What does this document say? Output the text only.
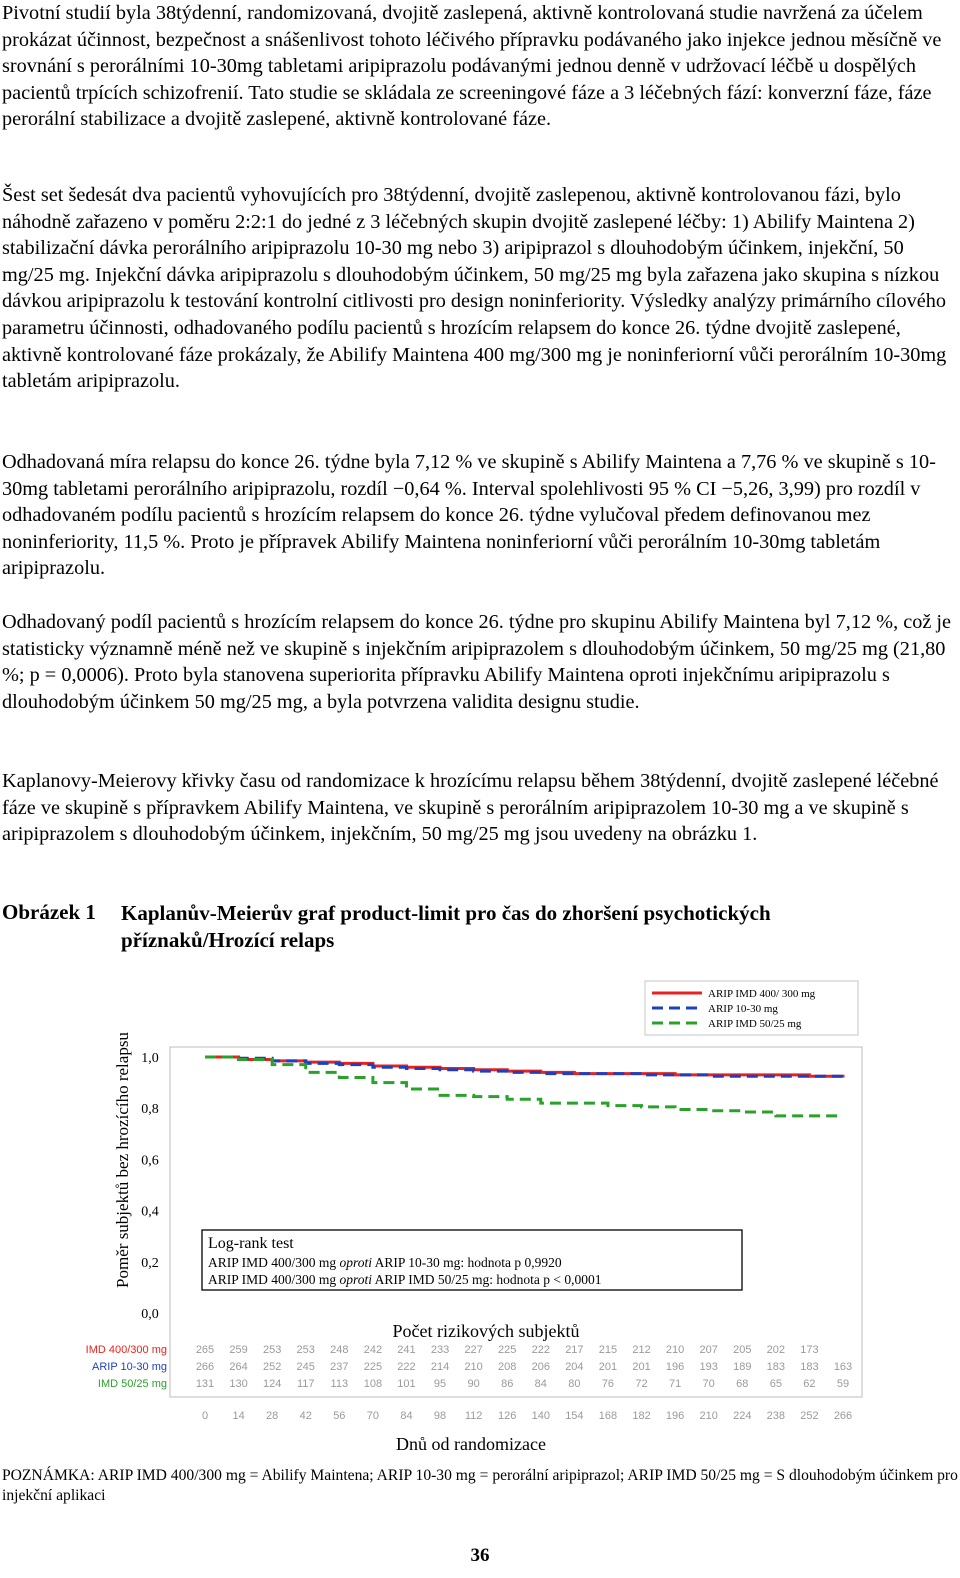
Pivotní studií byla 38týdenní, randomizovaná, dvojitě zaslepená, aktivně kontrolovaná studie navržená za účelem prokázat účinnost, bezpečnost a snášenlivost tohoto léčivého přípravku podávaného jako injekce jednou měsíčně ve srovnání s perorálními 10-30mg tabletami aripiprazolu podávanými jednou denně v udržovací léčbě u dospělých pacientů trpících schizofrenií. Tato studie se skládala ze screeningové fáze a 3 léčebných fází: konverzní fáze, fáze perorální stabilizace a dvojitě zaslepené, aktivně kontrolované fáze.
Šest set šedesát dva pacientů vyhovujících pro 38týdenní, dvojitě zaslepenou, aktivně kontrolovanou fázi, bylo náhodně zařazeno v poměru 2:2:1 do jedné z 3 léčebných skupin dvojitě zaslepené léčby: 1) Abilify Maintena 2) stabilizační dávka perorálního aripiprazolu 10-30 mg nebo 3) aripiprazol s dlouhodobým účinkem, injekční, 50 mg/25 mg. Injekční dávka aripiprazolu s dlouhodobým účinkem, 50 mg/25 mg byla zařazena jako skupina s nízkou dávkou aripiprazolu k testování kontrolní citlivosti pro design noninferiority. Výsledky analýzy primárního cílového parametru účinnosti, odhadovaného podílu pacientů s hrozícím relapsem do konce 26. týdne dvojitě zaslepené, aktivně kontrolované fáze prokázaly, že Abilify Maintena 400 mg/300 mg je noninferiorní vůči perorálním 10-30mg tabletám aripiprazolu.
Odhadovaná míra relapsu do konce 26. týdne byla 7,12 % ve skupině s Abilify Maintena a 7,76 % ve skupině s 10-30mg tabletami perorálního aripiprazolu, rozdíl −0,64 %. Interval spolehlivosti 95 % CI −5,26, 3,99) pro rozdíl v odhadovaném podílu pacientů s hrozícím relapsem do konce 26. týdne vylučoval předem definovanou mez noninferiority, 11,5 %. Proto je přípravek Abilify Maintena noninferiorní vůči perorálním 10-30mg tabletám aripiprazolu.
Odhadovaný podíl pacientů s hrozícím relapsem do konce 26. týdne pro skupinu Abilify Maintena byl 7,12 %, což je statisticky významně méně než ve skupině s injekčním aripiprazolem s dlouhodobým účinkem, 50 mg/25 mg (21,80 %; p = 0,0006). Proto byla stanovena superiorita přípravku Abilify Maintena oproti injekčnímu aripiprazolu s dlouhodobým účinkem 50 mg/25 mg, a byla potvrzena validita designu studie.
Kaplanovy-Meierovy křivky času od randomizace k hrozícímu relapsu během 38týdenní, dvojitě zaslepené léčebné fáze ve skupině s přípravkem Abilify Maintena, ve skupině s perorálním aripiprazolem 10-30 mg a ve skupině s aripiprazolem s dlouhodobým účinkem, injekčním, 50 mg/25 mg jsou uvedeny na obrázku 1.
Obrázek 1 Kaplanův-Meierův graf product-limit pro čas do zhoršení psychotických příznaků/Hrozící relaps
ARIP IMD 400/ 300 mg
ARIP 10-30 mg
ARIP IMD 50/25 mg
Poměr subjektů bez hrozícího relapsu
0,0
0,2
0,4
0,6
0,8
1,0
Log-rank test
ARIP IMD 400/300 mg oproti ARIP 10-30 mg: hodnota p 0,9920
ARIP IMD 400/300 mg oproti ARIP IMD 50/25 mg: hodnota p < 0,0001
Počet rizikových subjektů
IMD 400/300 mg	265 259 253 253 248 242 241 233 227 225 222 217 215 212 210 207 205 202 173
ARIP 10-30 mg	266 264 252 245 237 225 222 214 210 208 206 204 201 201 196 193 189 183 183 163
IMD 50/25 mg	131 130 124 117 113 108 101 95 90 86 84 80 76 72 71 70 68 65 62 59
0 14 28 42 56 70 84 98 112 126 140 154 168 182 196 210 224 238 252 266
Dnů od randomizace
POZNÁMKA: ARIP IMD 400/300 mg = Abilify Maintena; ARIP 10-30 mg = perorální aripiprazol; ARIP IMD 50/25 mg = S dlouhodobým účinkem pro injekční aplikaci
36
